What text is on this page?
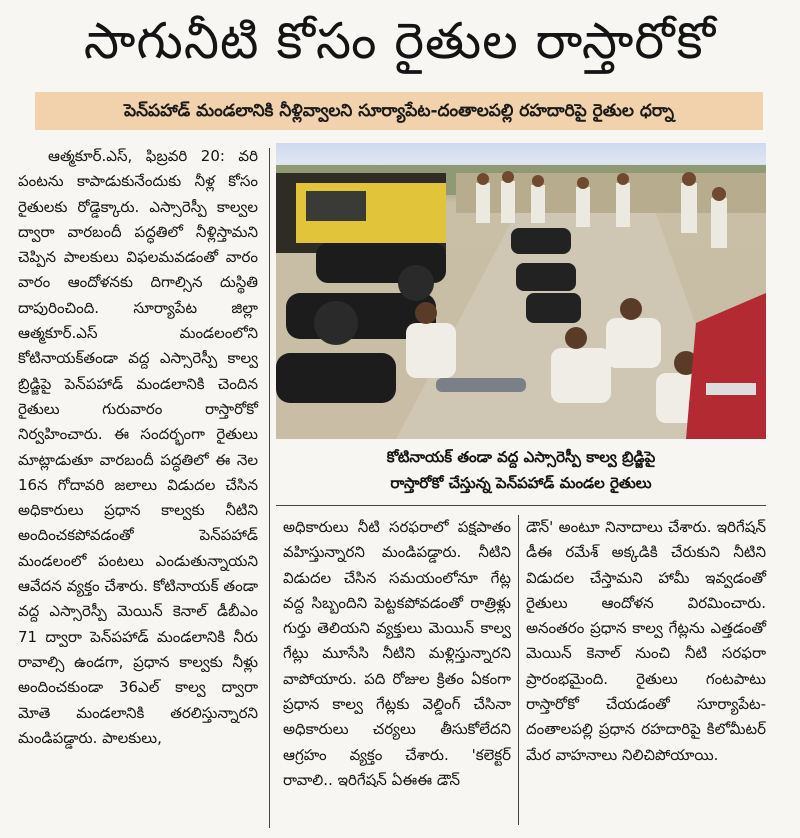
సాగునీటి కోసం రైతుల రాస్తారోకో
పెన్‌పహాడ్ మండలానికి నీళ్లివ్వాలని సూర్యాపేట-దంతాలపల్లి రహదారిపై రైతుల ధర్నా

ఆత్మకూర్.ఎస్, ఫిబ్రవరి 20: వరి పంటను కాపాడుకునేందుకు నీళ్ల కోసం రైతులకు రోడ్డెక్కారు. ఎస్సారెస్పీ కాల్వల ద్వారా వారబందీ పద్ధతిలో నీళ్లిస్తామని చెప్పిన పాలకులు విఫలమవడంతో వారం వారం ఆందోళనకు దిగాల్సిన దుస్థితి దాపురించింది. సూర్యాపేట జిల్లా ఆత్మకూర్.ఎస్ మండలంలోని కోటినాయక్‌తండా వద్ద ఎస్సారెస్పీ కాల్వ బ్రిడ్జిపై పెన్‌పహాడ్ మండలానికి చెందిన రైతులు గురువారం రాస్తారోకో నిర్వహించారు. ఈ సందర్భంగా రైతులు మాట్లాడుతూ వారబందీ పద్ధతిలో ఈ నెల 16న గోదావరి జలాలు విడుదల చేసిన అధికారులు ప్రధాన కాల్వకు నీటిని అందించకపోవడంతో పెన్‌పహాడ్ మండలంలో పంటలు ఎండుతున్నాయని ఆవేదన వ్యక్తం చేశారు. కోటినాయక్ తండా వద్ద ఎస్సారెస్పీ మెయిన్ కెనాల్ డీబీఎం 71 ద్వారా పెన్‌పహాడ్ మండలానికి నీరు రావాల్సి ఉండగా, ప్రధాన కాల్వకు నీళ్లు అందించకుండా 36ఎల్ కాల్వ ద్వారా మోతె మండలానికి తరలిస్తున్నారని మండిపడ్డారు. పాలకులు,

కోటినాయక్ తండా వద్ద ఎస్సారెస్పీ కాల్వ బ్రిడ్జిపై
రాస్తారోకో చేస్తున్న పెన్‌పహాడ్ మండల రైతులు

అధికారులు నీటి సరఫరాలో పక్షపాతం వహిస్తున్నారని మండిపడ్డారు. నీటిని విడుదల చేసిన సమయంలోనూ గేట్ల వద్ద సిబ్బందిని పెట్టకపోవడంతో రాత్రిళ్లు గుర్తు తెలియని వ్యక్తులు మెయిన్ కాల్వ గేట్లు మూసేసి నీటిని మళ్లిస్తున్నారని వాపోయారు. పది రోజుల క్రితం ఏకంగా ప్రధాన కాల్వ గేట్లకు వెల్డింగ్ చేసినా అధికారులు చర్యలు తీసుకోలేదని ఆగ్రహం వ్యక్తం చేశారు. 'కలెక్టర్ రావాలి.. ఇరిగేషన్ ఏఈఈ డౌన్

డౌన్' అంటూ నినాదాలు చేశారు. ఇరిగేషన్ డీఈ రమేశ్ అక్కడికి చేరుకుని నీటిని విడుదల చేస్తామని హామీ ఇవ్వడంతో రైతులు ఆందోళన విరమించారు. అనంతరం ప్రధాన కాల్వ గేట్లను ఎత్తడంతో మెయిన్ కెనాల్ నుంచి నీటి సరఫరా ప్రారంభమైంది. రైతులు గంటపాటు రాస్తారోకో చేయడంతో సూర్యాపేట-దంతాలపల్లి ప్రధాన రహదారిపై కిలోమీటర్ మేర వాహనాలు నిలిచిపోయాయి.
